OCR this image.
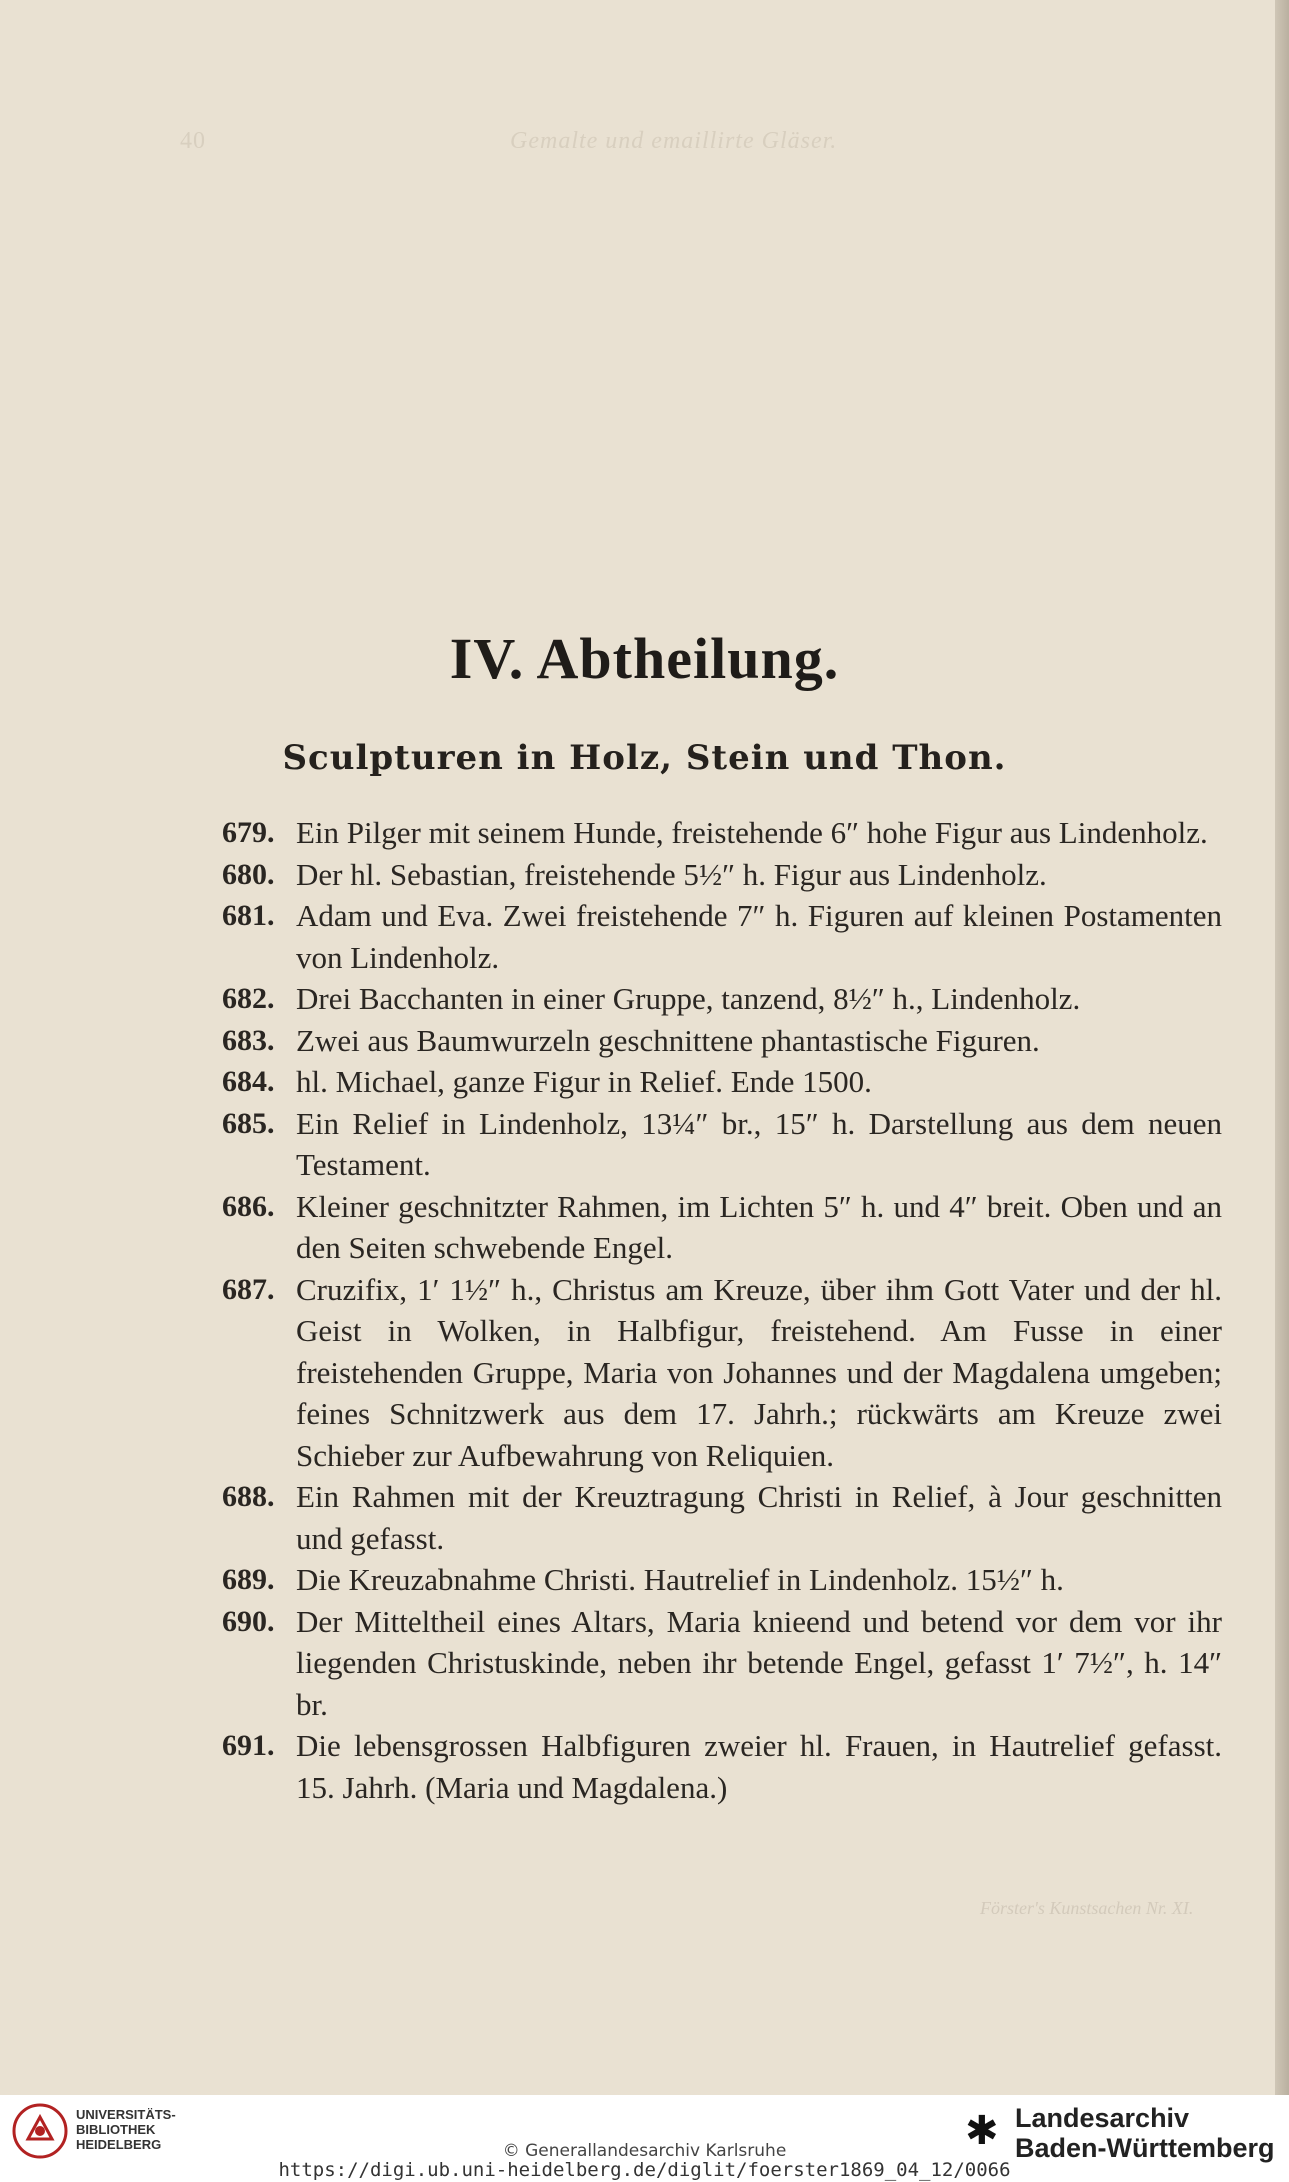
40	Gemalte und emaillirte Gläser.
IV. Abtheilung.
Sculpturen in Holz, Stein und Thon.
679. Ein Pilger mit seinem Hunde, freistehende 6″ hohe Figur aus Lindenholz.
680. Der hl. Sebastian, freistehende 5½″ h. Figur aus Lindenholz.
681. Adam und Eva. Zwei freistehende 7″ h. Figuren auf kleinen Postamenten von Lindenholz.
682. Drei Bacchanten in einer Gruppe, tanzend, 8½″ h., Lindenholz.
683. Zwei aus Baumwurzeln geschnittene phantastische Figuren.
684. hl. Michael, ganze Figur in Relief. Ende 1500.
685. Ein Relief in Lindenholz, 13¼″ br., 15″ h. Darstellung aus dem neuen Testament.
686. Kleiner geschnitzter Rahmen, im Lichten 5″ h. und 4″ breit. Oben und an den Seiten schwebende Engel.
687. Cruzifix, 1′ 1½″ h., Christus am Kreuze, über ihm Gott Vater und der hl. Geist in Wolken, in Halbfigur, freistehend. Am Fusse in einer freistehenden Gruppe, Maria von Johannes und der Magdalena umgeben; feines Schnitzwerk aus dem 17. Jahrh.; rückwärts am Kreuze zwei Schieber zur Aufbewahrung von Reliquien.
688. Ein Rahmen mit der Kreuztragung Christi in Relief, à Jour geschnitten und gefasst.
689. Die Kreuzabnahme Christi. Hautrelief in Lindenholz. 15½″ h.
690. Der Mitteltheil eines Altars, Maria knieend und betend vor dem vor ihr liegenden Christuskinde, neben ihr betende Engel, gefasst 1′ 7½″, h. 14″ br.
691. Die lebensgrossen Halbfiguren zweier hl. Frauen, in Hautrelief gefasst. 15. Jahrh. (Maria und Magdalena.)
Förster's Kunstsachen Nr. XI.
UNIVERSITÄTS-
BIBLIOTHEK
HEIDELBERG	© Generallandesarchiv Karlsruhe
https://digi.ub.uni-heidelberg.de/diglit/foerster1869_04_12/0066
✱ Landesarchiv
Baden-Württemberg
